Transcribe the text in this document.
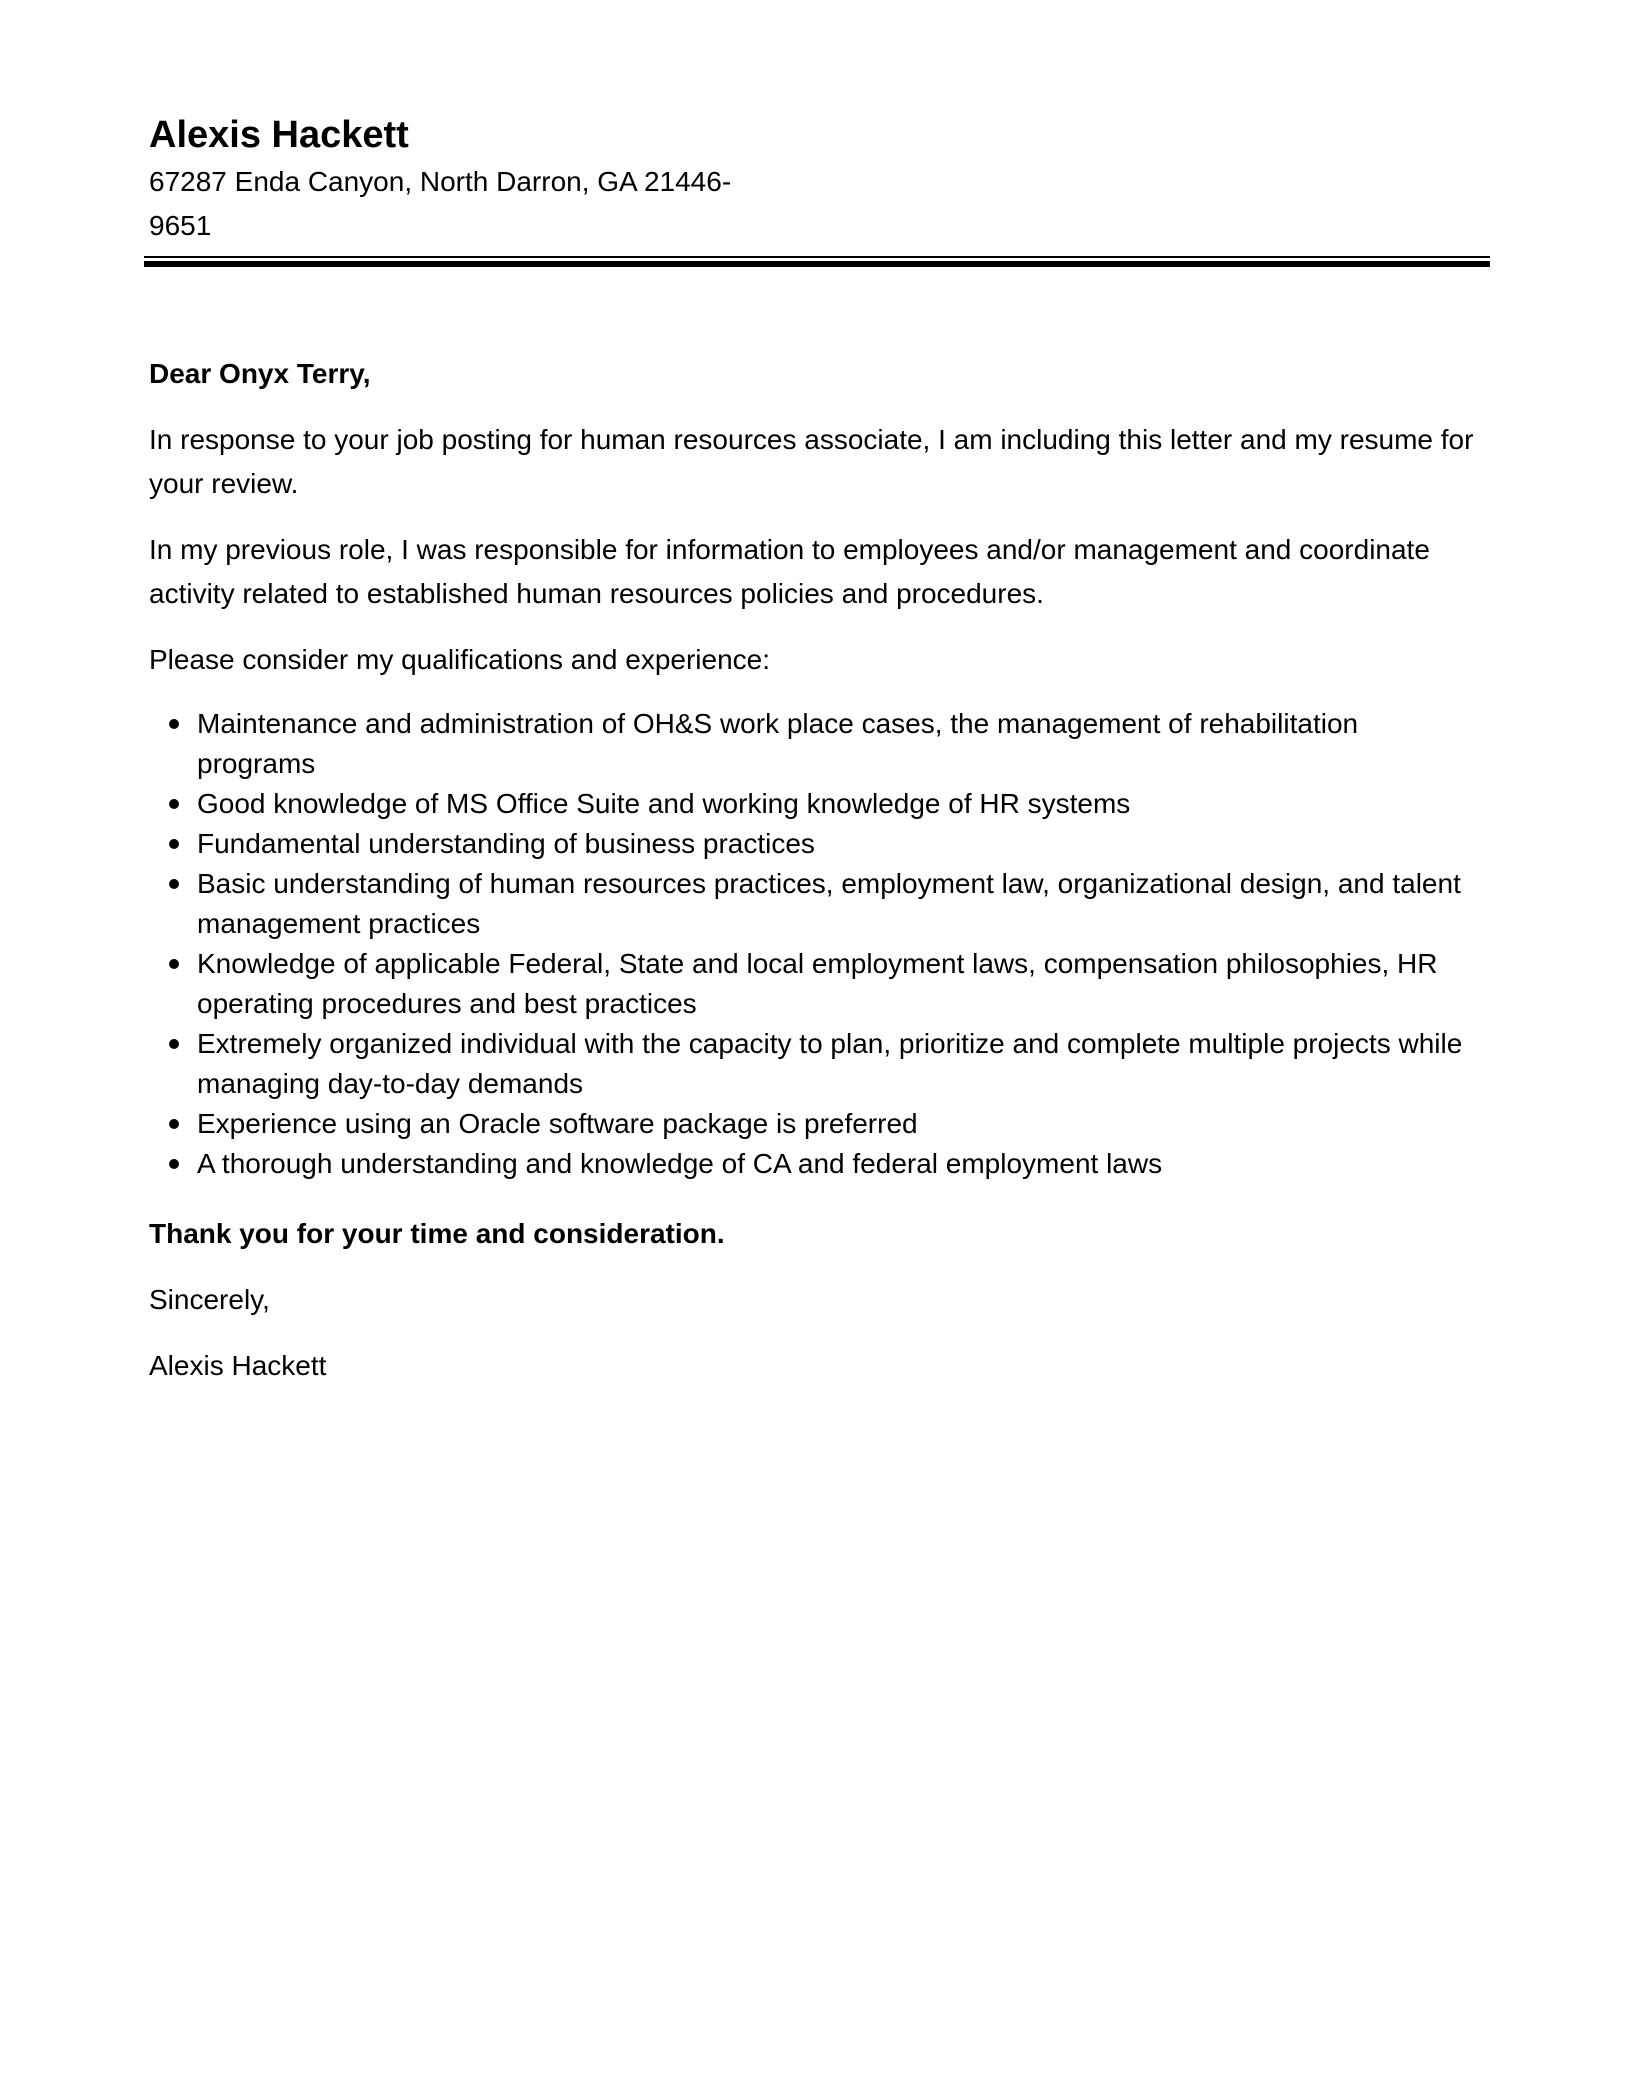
Alexis Hackett
67287 Enda Canyon, North Darron, GA 21446-
9651

Dear Onyx Terry,

In response to your job posting for human resources associate, I am including this letter and my resume for your review.

In my previous role, I was responsible for information to employees and/or management and coordinate activity related to established human resources policies and procedures.

Please consider my qualifications and experience:

Maintenance and administration of OH&S work place cases, the management of rehabilitation programs
Good knowledge of MS Office Suite and working knowledge of HR systems
Fundamental understanding of business practices
Basic understanding of human resources practices, employment law, organizational design, and talent management practices
Knowledge of applicable Federal, State and local employment laws, compensation philosophies, HR operating procedures and best practices
Extremely organized individual with the capacity to plan, prioritize and complete multiple projects while managing day-to-day demands
Experience using an Oracle software package is preferred
A thorough understanding and knowledge of CA and federal employment laws

Thank you for your time and consideration.

Sincerely,

Alexis Hackett
